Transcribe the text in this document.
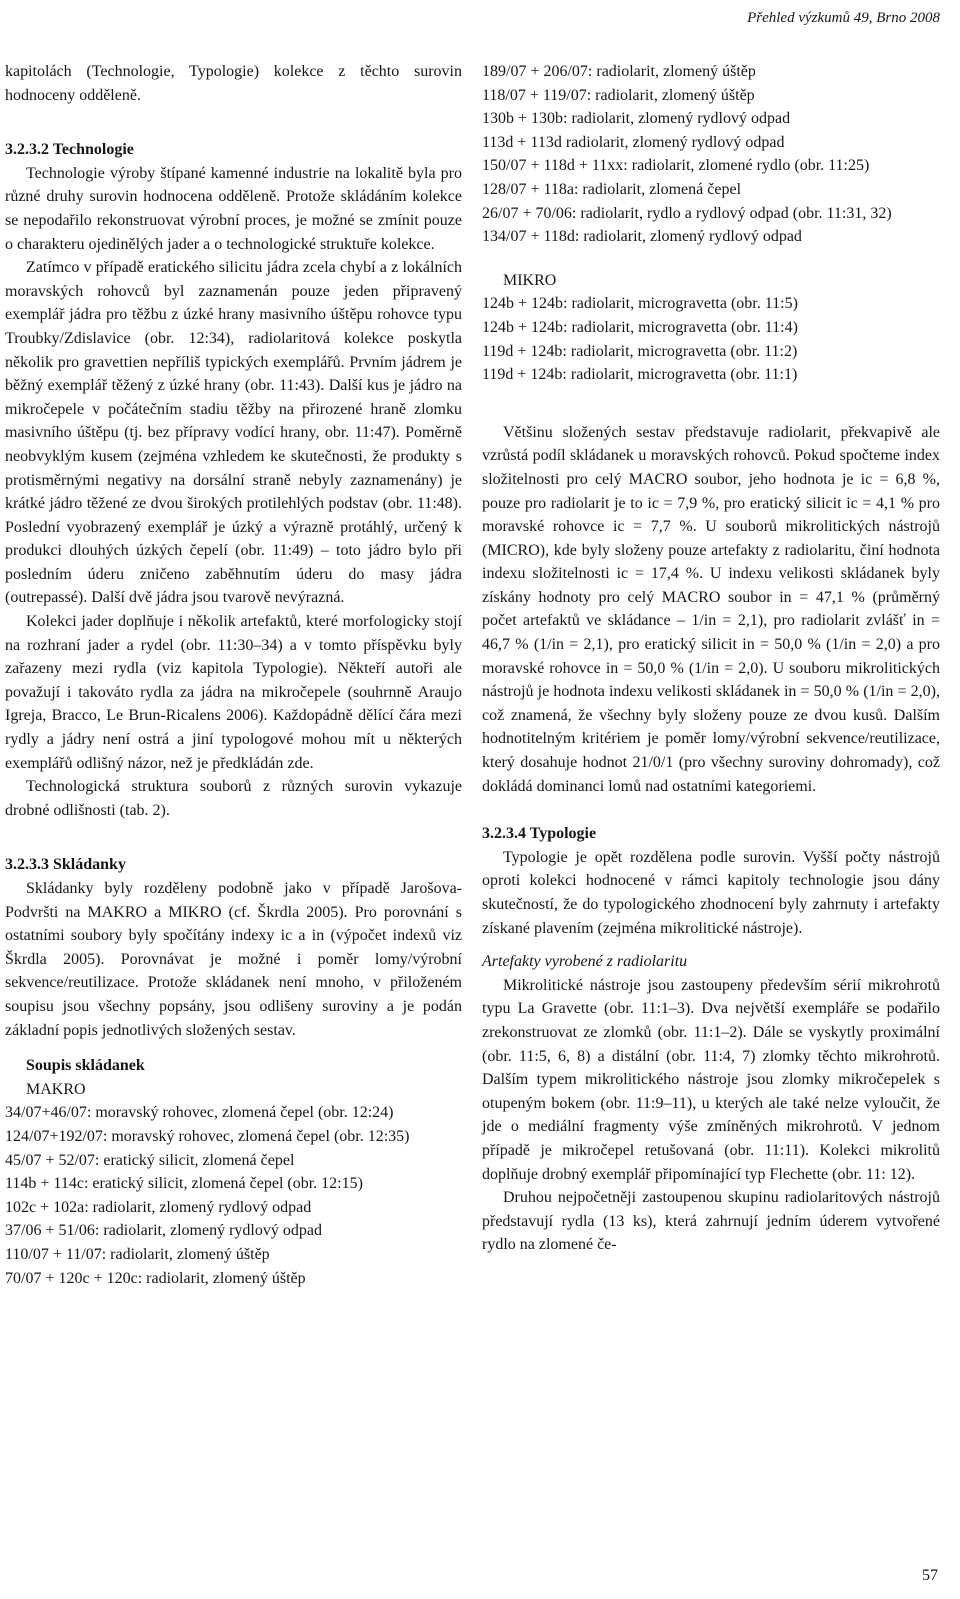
Přehled výzkumů 49, Brno 2008

kapitolách (Technologie, Typologie) kolekce z těchto surovin hodnoceny odděleně.

3.2.3.2 Technologie

Technologie výroby štípané kamenné industrie na lokalitě byla pro různé druhy surovin hodnocena odděleně. Protože skládáním kolekce se nepodařilo rekonstruovat výrobní proces, je možné se zmínit pouze o charakteru ojedinělých jader a o technologické struktuře kolekce.

Zatímco v případě eratického silicitu jádra zcela chybí a z lokálních moravských rohovců byl zaznamenán pouze jeden připravený exemplář jádra pro těžbu z úzké hrany masivního úštěpu rohovce typu Troubky/Zdislavice (obr. 12:34), radiolaritová kolekce poskytla několik pro gravettien nepříliš typických exemplářů. Prvním jádrem je běžný exemplář těžený z úzké hrany (obr. 11:43). Další kus je jádro na mikročepele v počátečním stadiu těžby na přirozené hraně zlomku masivního úštěpu (tj. bez přípravy vodící hrany, obr. 11:47). Poměrně neobvyklým kusem (zejména vzhledem ke skutečnosti, že produkty s protisměrnými negativy na dorsální straně nebyly zaznamenány) je krátké jádro těžené ze dvou širokých protilehlých podstav (obr. 11:48). Poslední vyobrazený exemplář je úzký a výrazně protáhlý, určený k produkci dlouhých úzkých čepelí (obr. 11:49) – toto jádro bylo při posledním úderu zničeno zaběhnutím úderu do masy jádra (outrepassé). Další dvě jádra jsou tvarově nevýrazná.

Kolekci jader doplňuje i několik artefaktů, které morfologicky stojí na rozhraní jader a rydel (obr. 11:30–34) a v tomto příspěvku byly zařazeny mezi rydla (viz kapitola Typologie). Někteří autoři ale považují i takováto rydla za jádra na mikročepele (souhrnně Araujo Igreja, Bracco, Le Brun-Ricalens 2006). Každopádně dělící čára mezi rydly a jádry není ostrá a jiní typologové mohou mít u některých exemplářů odlišný názor, než je předkládán zde.

Technologická struktura souborů z různých surovin vykazuje drobné odlišnosti (tab. 2).

3.2.3.3 Skládanky

Skládanky byly rozděleny podobně jako v případě Jarošova-Podvršti na MAKRO a MIKRO (cf. Škrdla 2005). Pro porovnání s ostatními soubory byly spočítány indexy ic a in (výpočet indexů viz Škrdla 2005). Porovnávat je možné i poměr lomy/výrobní sekvence/reutilizace. Protože skládanek není mnoho, v přiloženém soupisu jsou všechny popsány, jsou odlišeny suroviny a je podán základní popis jednotlivých složených sestav.

Soupis skládanek

MAKRO

34/07+46/07: moravský rohovec, zlomená čepel (obr. 12:24)

124/07+192/07: moravský rohovec, zlomená čepel (obr. 12:35)

45/07 + 52/07: eratický silicit, zlomená čepel

114b + 114c: eratický silicit, zlomená čepel (obr. 12:15)

102c + 102a: radiolarit, zlomený rydlový odpad

37/06 + 51/06: radiolarit, zlomený rydlový odpad

110/07 + 11/07: radiolarit, zlomený úštěp

70/07 + 120c + 120c: radiolarit, zlomený úštěp

189/07 + 206/07: radiolarit, zlomený úštěp

118/07 + 119/07: radiolarit, zlomený úštěp

130b + 130b: radiolarit, zlomený rydlový odpad

113d + 113d radiolarit, zlomený rydlový odpad

150/07 + 118d + 11xx: radiolarit, zlomené rydlo (obr. 11:25)

128/07 + 118a: radiolarit, zlomená čepel

26/07 + 70/06: radiolarit, rydlo a rydlový odpad (obr. 11:31, 32)

134/07 + 118d: radiolarit, zlomený rydlový odpad

MIKRO

124b + 124b: radiolarit, microgravetta (obr. 11:5)

124b + 124b: radiolarit, microgravetta (obr. 11:4)

119d + 124b: radiolarit, microgravetta (obr. 11:2)

119d + 124b: radiolarit, microgravetta (obr. 11:1)

Většinu složených sestav představuje radiolarit, překvapivě ale vzrůstá podíl skládanek u moravských rohovců. Pokud spočteme index složitelnosti pro celý MACRO soubor, jeho hodnota je ic = 6,8 %, pouze pro radiolarit je to ic = 7,9 %, pro eratický silicit ic = 4,1 % pro moravské rohovce ic = 7,7 %. U souborů mikrolitických nástrojů (MICRO), kde byly složeny pouze artefakty z radiolaritu, činí hodnota indexu složitelnosti ic = 17,4 %. U indexu velikosti skládanek byly získány hodnoty pro celý MACRO soubor in = 47,1 % (průměrný počet artefaktů ve skládance – 1/in = 2,1), pro radiolarit zvlášť in = 46,7 % (1/in = 2,1), pro eratický silicit in = 50,0 % (1/in = 2,0) a pro moravské rohovce in = 50,0 % (1/in = 2,0). U souboru mikrolitických nástrojů je hodnota indexu velikosti skládanek in = 50,0 % (1/in = 2,0), což znamená, že všechny byly složeny pouze ze dvou kusů. Dalším hodnotitelným kritériem je poměr lomy/výrobní sekvence/reutilizace, který dosahuje hodnot 21/0/1 (pro všechny suroviny dohromady), což dokládá dominanci lomů nad ostatními kategoriemi.

3.2.3.4 Typologie

Typologie je opět rozdělena podle surovin. Vyšší počty nástrojů oproti kolekci hodnocené v rámci kapitoly technologie jsou dány skutečností, že do typologického zhodnocení byly zahrnuty i artefakty získané plavením (zejména mikrolitické nástroje).

Artefakty vyrobené z radiolaritu

Mikrolitické nástroje jsou zastoupeny především sérií mikrohrotů typu La Gravette (obr. 11:1–3). Dva největší exempláře se podařilo zrekonstruovat ze zlomků (obr. 11:1–2). Dále se vyskytly proximální (obr. 11:5, 6, 8) a distální (obr. 11:4, 7) zlomky těchto mikrohrotů. Dalším typem mikrolitického nástroje jsou zlomky mikročepelek s otupeným bokem (obr. 11:9–11), u kterých ale také nelze vyloučit, že jde o mediální fragmenty výše zmíněných mikrohrotů. V jednom případě je mikročepel retušovaná (obr. 11:11). Kolekci mikrolitů doplňuje drobný exemplář připomínající typ Flechette (obr. 11: 12).

Druhou nejpočetněji zastoupenou skupinu radiolaritových nástrojů představují rydla (13 ks), která zahrnují jedním úderem vytvořené rydlo na zlomené če-

57
